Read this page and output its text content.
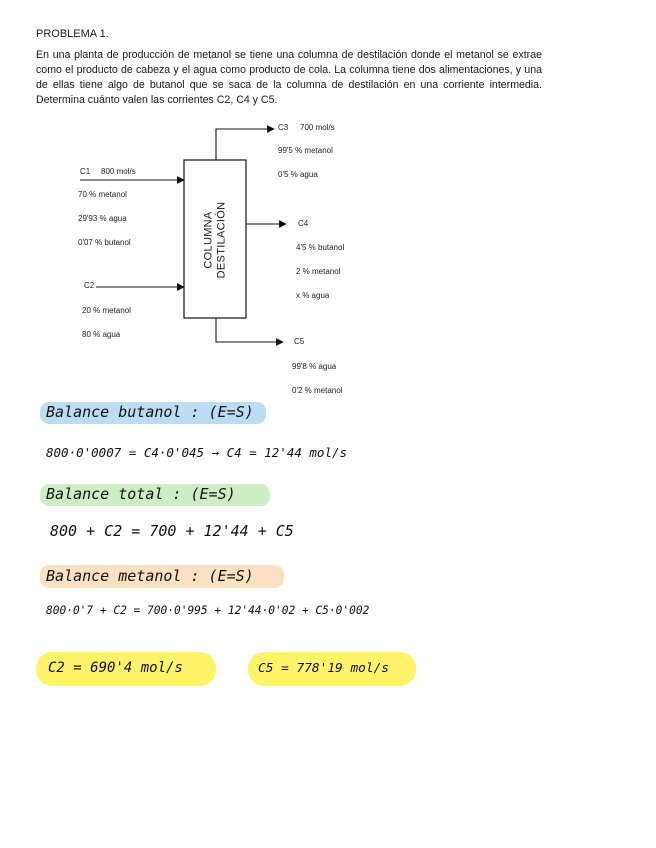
PROBLEMA 1.
En una planta de producción de metanol se tiene una columna de destilación donde el metanol se extrae como el producto de cabeza y el agua como producto de cola. La columna tiene dos alimentaciones, y una de ellas tiene algo de butanol que se saca de la columna de destilación en una corriente intermedia. Determina cuánto valen las corrientes C2, C4 y C5.
COLUMNA DESTILACIÓN
C1 800 mol/s
70 % metanol
29'93 % agua
0'07 % butanol
C2
20 % metanol
80 % agua
C3 700 mol/s
99'5 % metanol
0'5 % agua
C4
4'5 % butanol
2 % metanol
x % agua
C5
99'8 % agua
0'2 % metanol
Balance butanol : (E=S)
800·0'0007 = C4·0'045 → C4 = 12'44 mol/s
Balance total : (E=S)
800 + C2 = 700 + 12'44 + C5
Balance metanol : (E=S)
800·0'7 + C2 = 700·0'995 + 12'44·0'02 + C5·0'002
C2 = 690'4 mol/s	C5 = 778'19 mol/s
